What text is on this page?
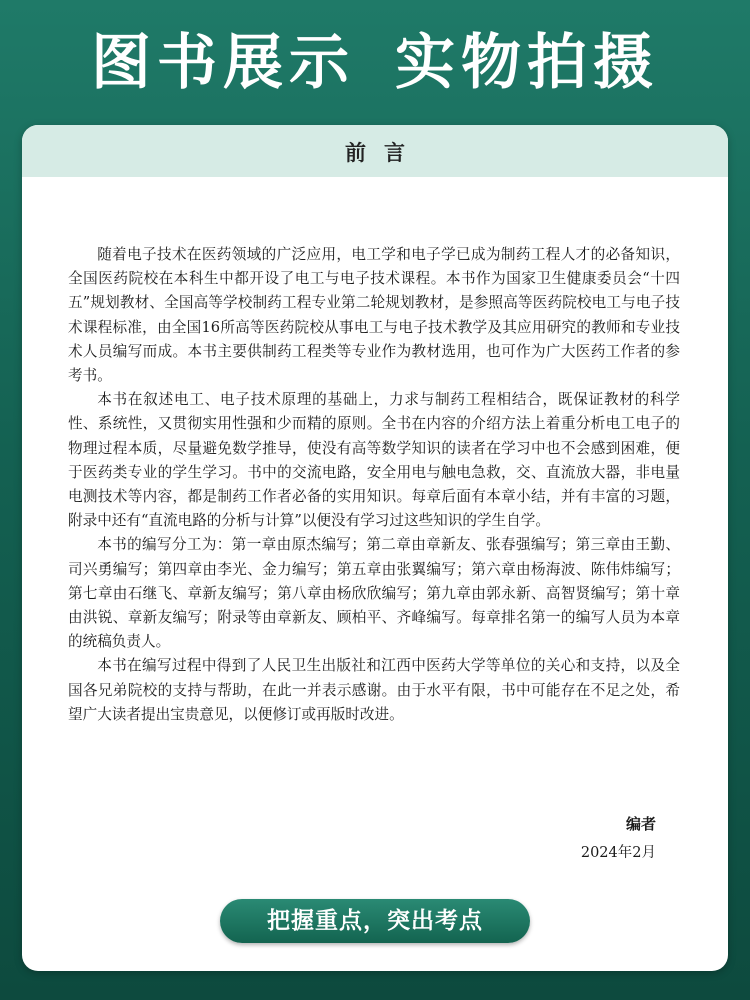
图书展示 实物拍摄
前言

随着电子技术在医药领域的广泛应用，电工学和电子学已成为制药工程人才的必备知识，全国医药院校在本科生中都开设了电工与电子技术课程。本书作为国家卫生健康委员会“十四五”规划教材、全国高等学校制药工程专业第二轮规划教材，是参照高等医药院校电工与电子技术课程标准，由全国16所高等医药院校从事电工与电子技术教学及其应用研究的教师和专业技术人员编写而成。本书主要供制药工程类等专业作为教材选用，也可作为广大医药工作者的参考书。

本书在叙述电工、电子技术原理的基础上，力求与制药工程相结合，既保证教材的科学性、系统性，又贯彻实用性强和少而精的原则。全书在内容的介绍方法上着重分析电工电子的物理过程本质，尽量避免数学推导，使没有高等数学知识的读者在学习中也不会感到困难，便于医药类专业的学生学习。书中的交流电路，安全用电与触电急救，交、直流放大器，非电量电测技术等内容，都是制药工作者必备的实用知识。每章后面有本章小结，并有丰富的习题，附录中还有“直流电路的分析与计算”以便没有学习过这些知识的学生自学。

本书的编写分工为：第一章由原杰编写；第二章由章新友、张春强编写；第三章由王勤、司兴勇编写；第四章由李光、金力编写；第五章由张翼编写；第六章由杨海波、陈伟炜编写；第七章由石继飞、章新友编写；第八章由杨欣欣编写；第九章由郭永新、高智贤编写；第十章由洪锐、章新友编写；附录等由章新友、顾柏平、齐峰编写。每章排名第一的编写人员为本章的统稿负责人。

本书在编写过程中得到了人民卫生出版社和江西中医药大学等单位的关心和支持，以及全国各兄弟院校的支持与帮助，在此一并表示感谢。由于水平有限，书中可能存在不足之处，希望广大读者提出宝贵意见，以便修订或再版时改进。

编者
2024年2月
把握重点，突出考点
